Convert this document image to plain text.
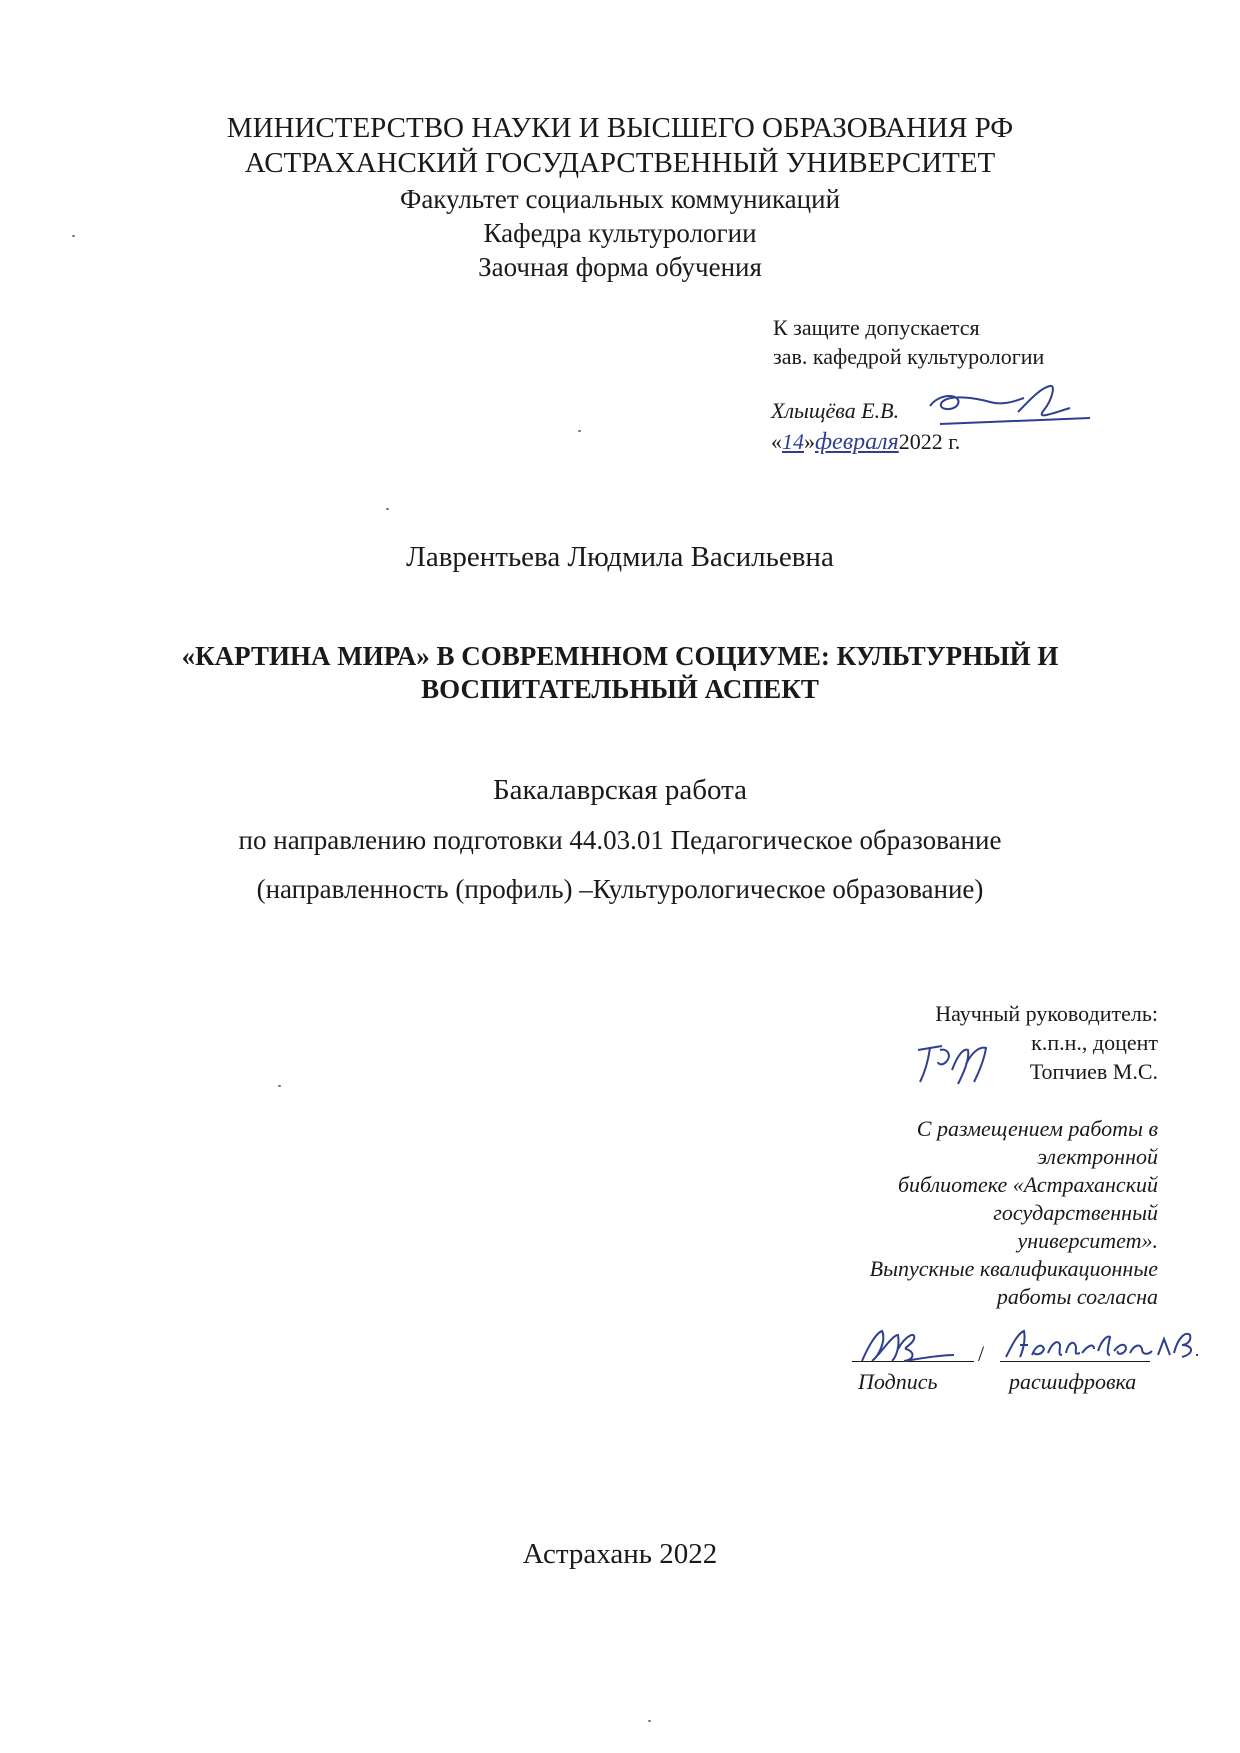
МИНИСТЕРСТВО НАУКИ И ВЫСШЕГО ОБРАЗОВАНИЯ РФ
АСТРАХАНСКИЙ ГОСУДАРСТВЕННЫЙ УНИВЕРСИТЕТ
Факультет социальных коммуникаций
Кафедра культурологии
Заочная форма обучения
К защите допускается
зав. кафедрой культурологии
Хлыщёва Е.В.
«14»февраля2022 г.
Лаврентьева Людмила Васильевна
«КАРТИНА МИРА» В СОВРЕМННОМ СОЦИУМЕ: КУЛЬТУРНЫЙ И
ВОСПИТАТЕЛЬНЫЙ АСПЕКТ
Бакалаврская работа
по направлению подготовки 44.03.01 Педагогическое образование
(направленность (профиль) –Культурологическое образование)
Научный руководитель:
к.п.н., доцент
Топчиев М.С.
С размещением работы в
электронной
библиотеке «Астраханский
государственный
университет».
Выпускные квалификационные
работы согласна
/
Подпись	расшифровка
Астрахань 2022
